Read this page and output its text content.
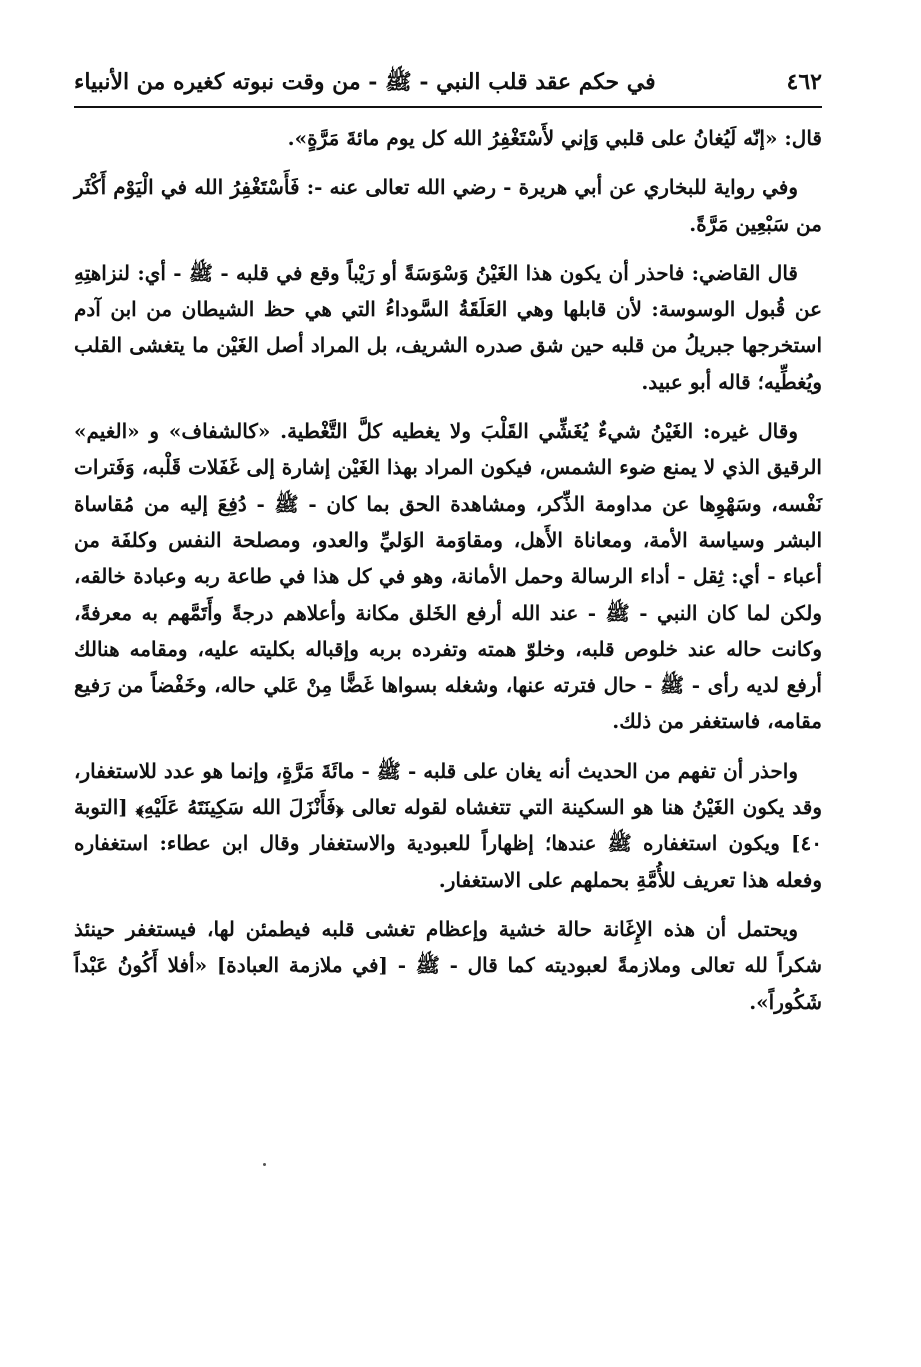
٤٦٢
في حكم عقد قلب النبي - ﷺ - من وقت نبوته كغيره من الأنبياء

قال: «إنّه لَيُغانُ على قلبي وَإني لأَسْتَغْفِرُ الله كل يوم مائةَ مَرَّةٍ».

وفي رواية للبخاري عن أبي هريرة - رضي الله تعالى عنه -: فَأَسْتَغْفِرُ الله في الْيَوْم أَكْثَر من سَبْعِين مَرَّةً.

قال القاضي: فاحذر أن يكون هذا الغَيْنُ وَسْوَسَةً أو رَيْباً وقع في قلبه - ﷺ - أي: لنزاهتِهِ عن قُبول الوسوسة: لأن قابلها وهي العَلَقَةُ السَّوداءُ التي هي حظ الشيطان من ابن آدم استخرجها جبريلُ من قلبه حين شق صدره الشريف، بل المراد أصل الغَيْن ما يتغشى القلب ويُغطِّيه؛ قاله أبو عبيد.

وقال غيره: الغَيْنُ شيءٌ يُغَشِّي القَلْبَ ولا يغطيه كلَّ التَّغْطية. «كالشفاف» و «الغيم» الرقيق الذي لا يمنع ضوء الشمس، فيكون المراد بهذا الغَيْن إشارة إلى غَفَلات قَلْبه، وَفَترات نَفْسه، وسَهْوِها عن مداومة الذِّكر، ومشاهدة الحق بما كان - ﷺ - دُفِعَ إليه من مُقاساة البشر وسياسة الأمة، ومعاناة الأَهل، ومقاوَمة الوَليِّ والعدو، ومصلحة النفس وكلفَة من أعباء - أي: ثِقل - أداء الرسالة وحمل الأمانة، وهو في كل هذا في طاعة ربه وعبادة خالقه، ولكن لما كان النبي - ﷺ - عند الله أرفع الخَلق مكانة وأعلاهم درجةً وأَتَمَّهم به معرفةً، وكانت حاله عند خلوص قلبه، وخلوّ همته وتفرده بربه وإقباله بكليته عليه، ومقامه هنالك أرفع لديه رأى - ﷺ - حال فترته عنها، وشغله بسواها غَضًّا مِنْ عَلي حاله، وخَفْضاً من رَفيع مقامه، فاستغفر من ذلك.

واحذر أن تفهم من الحديث أنه يغان على قلبه - ﷺ - مائَةَ مَرَّةٍ، وإنما هو عدد للاستغفار، وقد يكون الغَيْنُ هنا هو السكينة التي تتغشاه لقوله تعالى ﴿فَأَنْزَلَ الله سَكِينَتَهُ عَلَيْهِ﴾ [التوبة ٤٠] ويكون استغفاره ﷺ عندها؛ إظهاراً للعبودية والاستغفار وقال ابن عطاء: استغفاره وفعله هذا تعريف للأُمَّةِ بحملهم على الاستغفار.

ويحتمل أن هذه الإِغَانة حالة خشية وإعظام تغشى قلبه فيطمئن لها، فيستغفر حينئذ شكراً لله تعالى وملازمةً لعبوديته كما قال - ﷺ - [في ملازمة العبادة] «أفلا أَكُونُ عَبْداً شَكُوراً».
